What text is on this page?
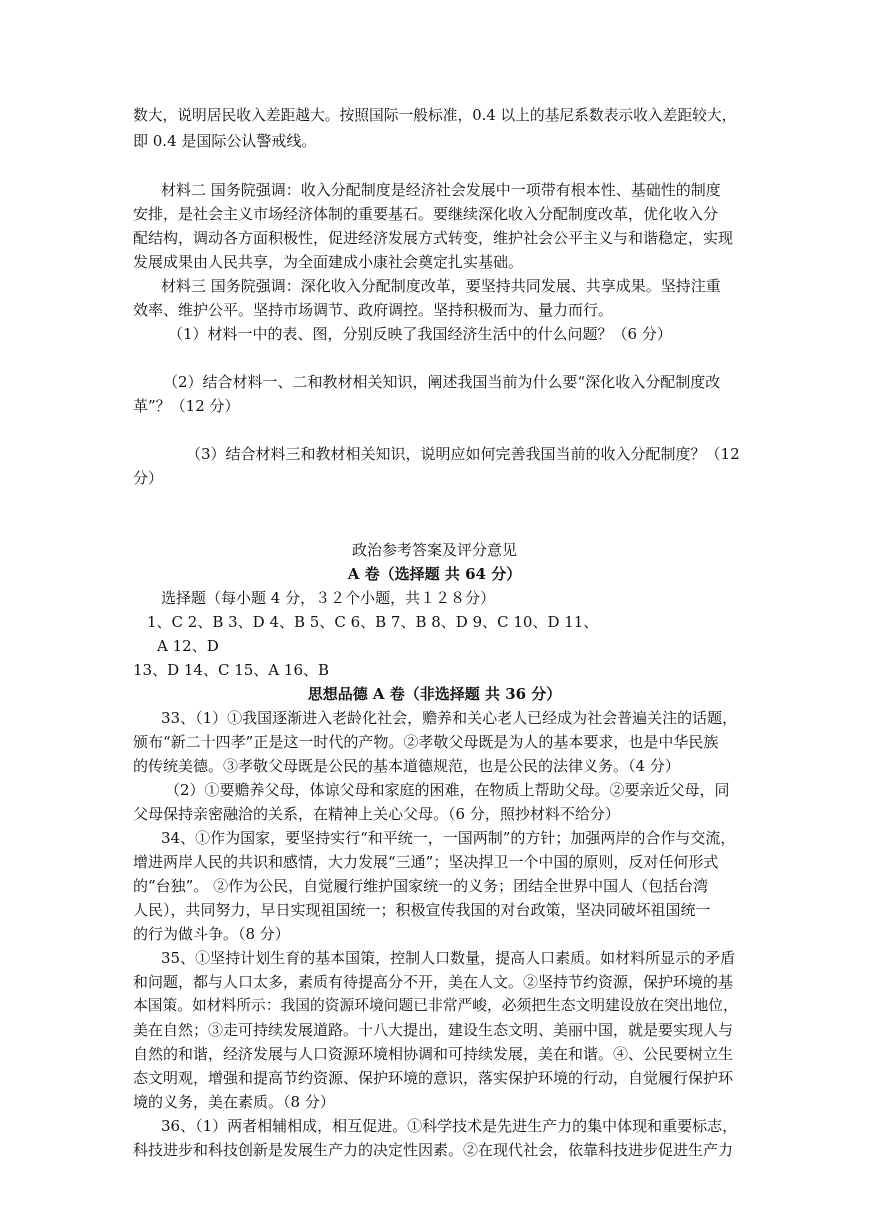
数大，说明居民收入差距越大。按照国际一般标准，0.4 以上的基尼系数表示收入差距较大，
即 0.4 是国际公认警戒线。
材料二 国务院强调：收入分配制度是经济社会发展中一项带有根本性、基础性的制度
安排，是社会主义市场经济体制的重要基石。要继续深化收入分配制度改革，优化收入分
配结构，调动各方面积极性，促进经济发展方式转变，维护社会公平主义与和谐稳定，实现
发展成果由人民共享，为全面建成小康社会奠定扎实基础。
材料三 国务院强调：深化收入分配制度改革，要坚持共同发展、共享成果。坚持注重
效率、维护公平。坚持市场调节、政府调控。坚持积极而为、量力而行。
（1）材料一中的表、图，分别反映了我国经济生活中的什么问题？（6 分）
（2）结合材料一、二和教材相关知识，阐述我国当前为什么要“深化收入分配制度改
革”？（12 分）
（3）结合材料三和教材相关知识，说明应如何完善我国当前的收入分配制度？（12
分）
政治参考答案及评分意见
A 卷（选择题 共 64 分）
选择题（每小题 4 分，３２个小题，共１２８分）
1、C 2、B 3、D 4、B 5、C 6、B 7、B 8、D 9、C 10、D 11、
A 12、D
13、D 14、C 15、A 16、B
思想品德 A 卷（非选择题 共 36 分）
33、（1）①我国逐渐进入老龄化社会，赡养和关心老人已经成为社会普遍关注的话题，
颁布“新二十四孝”正是这一时代的产物。②孝敬父母既是为人的基本要求，也是中华民族
的传统美德。③孝敬父母既是公民的基本道德规范，也是公民的法律义务。（4 分）
（2）①要赡养父母，体谅父母和家庭的困难，在物质上帮助父母。②要亲近父母，同
父母保持亲密融洽的关系，在精神上关心父母。（6 分，照抄材料不给分）
34、①作为国家，要坚持实行“和平统一，一国两制”的方针；加强两岸的合作与交流，
增进两岸人民的共识和感情，大力发展“三通”；坚决捍卫一个中国的原则，反对任何形式
的“台独”。 ②作为公民，自觉履行维护国家统一的义务；团结全世界中国人（包括台湾
人民），共同努力，早日实现祖国统一；积极宣传我国的对台政策，坚决同破坏祖国统一
的行为做斗争。（8 分）
35、①坚持计划生育的基本国策，控制人口数量，提高人口素质。如材料所显示的矛盾
和问题，都与人口太多，素质有待提高分不开，美在人文。②坚持节约资源，保护环境的基
本国策。如材料所示：我国的资源环境问题已非常严峻，必须把生态文明建设放在突出地位，
美在自然；③走可持续发展道路。十八大提出，建设生态文明、美丽中国，就是要实现人与
自然的和谐，经济发展与人口资源环境相协调和可持续发展，美在和谐。④、公民要树立生
态文明观，增强和提高节约资源、保护环境的意识，落实保护环境的行动，自觉履行保护环
境的义务，美在素质。（8 分）
36、（1）两者相辅相成，相互促进。①科学技术是先进生产力的集中体现和重要标志，
科技进步和科技创新是发展生产力的决定性因素。②在现代社会，依靠科技进步促进生产力
